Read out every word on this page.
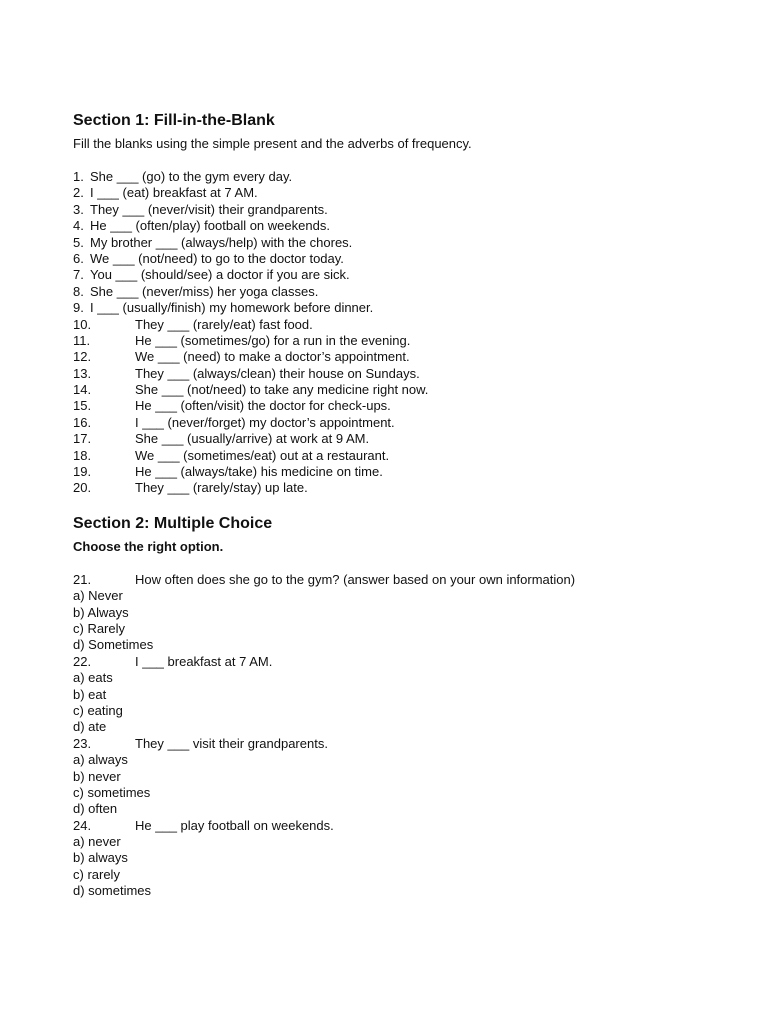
Section 1: Fill-in-the-Blank

Fill the blanks using the simple present and the adverbs of frequency.

1. She ___ (go) to the gym every day.
2. I ___ (eat) breakfast at 7 AM.
3. They ___ (never/visit) their grandparents.
4. He ___ (often/play) football on weekends.
5. My brother ___ (always/help) with the chores.
6. We ___ (not/need) to go to the doctor today.
7. You ___ (should/see) a doctor if you are sick.
8. She ___ (never/miss) her yoga classes.
9. I ___ (usually/finish) my homework before dinner.
10.	They ___ (rarely/eat) fast food.
11.	He ___ (sometimes/go) for a run in the evening.
12.	We ___ (need) to make a doctor’s appointment.
13.	They ___ (always/clean) their house on Sundays.
14.	She ___ (not/need) to take any medicine right now.
15.	He ___ (often/visit) the doctor for check-ups.
16.	I ___ (never/forget) my doctor’s appointment.
17.	She ___ (usually/arrive) at work at 9 AM.
18.	We ___ (sometimes/eat) out at a restaurant.
19.	He ___ (always/take) his medicine on time.
20.	They ___ (rarely/stay) up late.
Section 2: Multiple Choice

Choose the right option.

21.	How often does she go to the gym? (answer based on your own information)
a) Never
b) Always
c) Rarely
d) Sometimes
22.	I ___ breakfast at 7 AM.
a) eats
b) eat
c) eating
d) ate
23.	They ___ visit their grandparents.
a) always
b) never
c) sometimes
d) often
24.	He ___ play football on weekends.
a) never
b) always
c) rarely
d) sometimes
